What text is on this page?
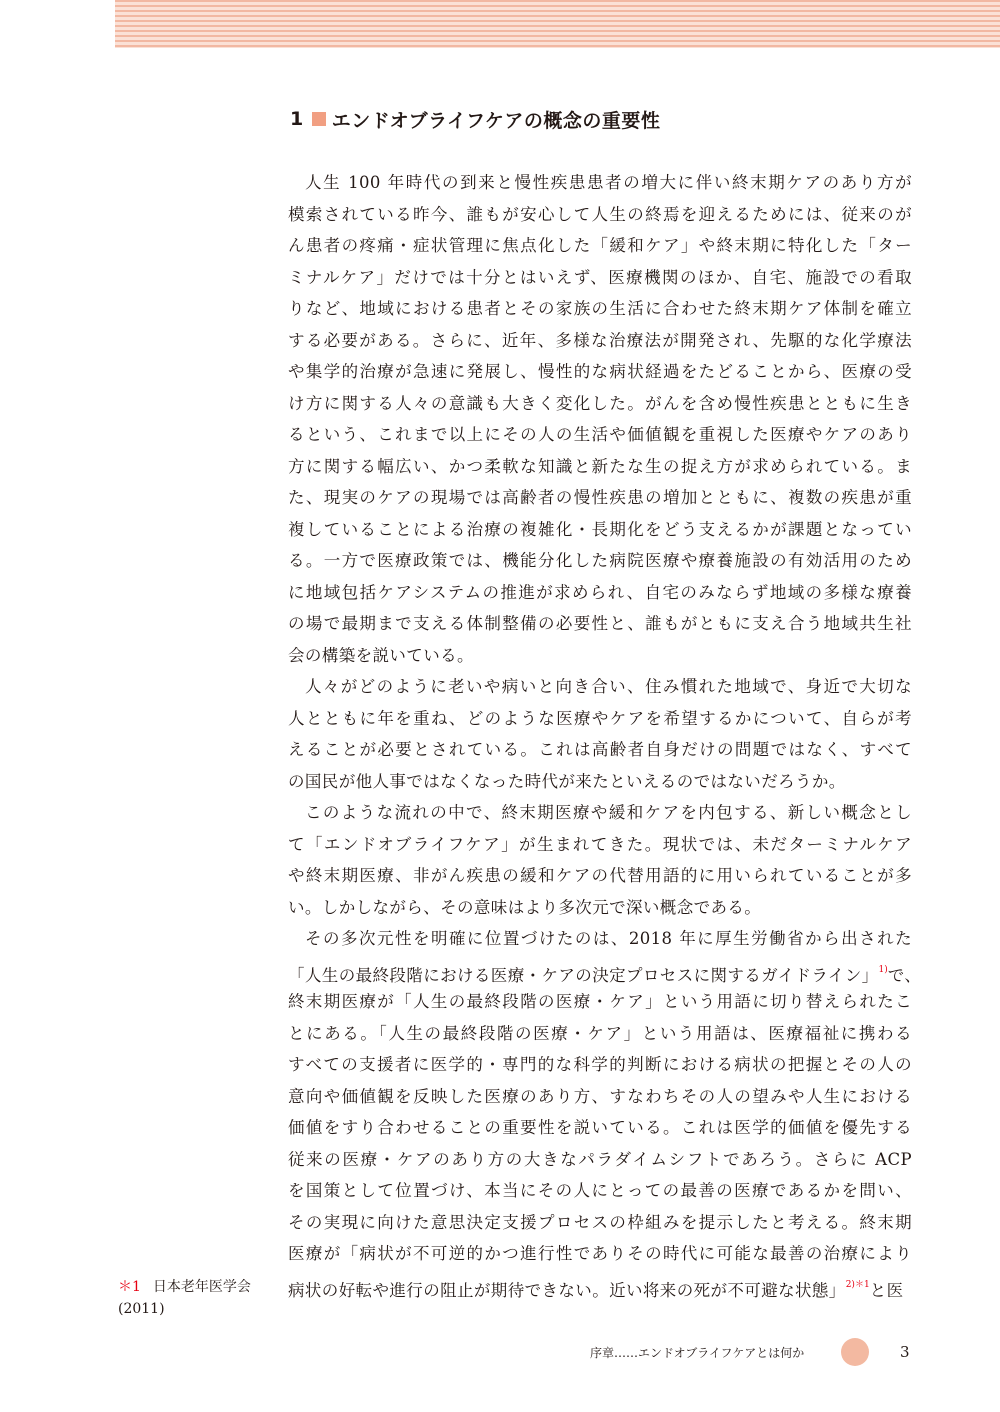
1 エンドオブライフケアの概念の重要性
人生 100 年時代の到来と慢性疾患患者の増大に伴い終末期ケアのあり方が
模索されている昨今、誰もが安心して人生の終焉を迎えるためには、従来のが
ん患者の疼痛・症状管理に焦点化した「緩和ケア」や終末期に特化した「ター
ミナルケア」だけでは十分とはいえず、医療機関のほか、自宅、施設での看取
りなど、地域における患者とその家族の生活に合わせた終末期ケア体制を確立
する必要がある。さらに、近年、多様な治療法が開発され、先駆的な化学療法
や集学的治療が急速に発展し、慢性的な病状経過をたどることから、医療の受
け方に関する人々の意識も大きく変化した。がんを含め慢性疾患とともに生き
るという、これまで以上にその人の生活や価値観を重視した医療やケアのあり
方に関する幅広い、かつ柔軟な知識と新たな生の捉え方が求められている。ま
た、現実のケアの現場では高齢者の慢性疾患の増加とともに、複数の疾患が重
複していることによる治療の複雑化・長期化をどう支えるかが課題となってい
る。一方で医療政策では、機能分化した病院医療や療養施設の有効活用のため
に地域包括ケアシステムの推進が求められ、自宅のみならず地域の多様な療養
の場で最期まで支える体制整備の必要性と、誰もがともに支え合う地域共生社
会の構築を説いている。
人々がどのように老いや病いと向き合い、住み慣れた地域で、身近で大切な
人とともに年を重ね、どのような医療やケアを希望するかについて、自らが考
えることが必要とされている。これは高齢者自身だけの問題ではなく、すべて
の国民が他人事ではなくなった時代が来たといえるのではないだろうか。
このような流れの中で、終末期医療や緩和ケアを内包する、新しい概念とし
て「エンドオブライフケア」が生まれてきた。現状では、未だターミナルケア
や終末期医療、非がん疾患の緩和ケアの代替用語的に用いられていることが多
い。しかしながら、その意味はより多次元で深い概念である。
その多次元性を明確に位置づけたのは、2018 年に厚生労働省から出された
「人生の最終段階における医療・ケアの決定プロセスに関するガイドライン」$^{1)}$で、
終末期医療が「人生の最終段階の医療・ケア」という用語に切り替えられたこ
とにある。「人生の最終段階の医療・ケア」という用語は、医療福祉に携わる
すべての支援者に医学的・専門的な科学的判断における病状の把握とその人の
意向や価値観を反映した医療のあり方、すなわちその人の望みや人生における
価値をすり合わせることの重要性を説いている。これは医学的価値を優先する
従来の医療・ケアのあり方の大きなパラダイムシフトであろう。さらに ACP
を国策として位置づけ、本当にその人にとっての最善の医療であるかを問い、
その実現に向けた意思決定支援プロセスの枠組みを提示したと考える。終末期
医療が「病状が不可逆的かつ進行性でありその時代に可能な最善の治療により
病状の好転や進行の阻止が期待できない。近い将来の死が不可避な状態」$^{2)*1}$と医
＊1 日本老年医学会 (2011)
序章……エンドオブライフケアとは何か	3
